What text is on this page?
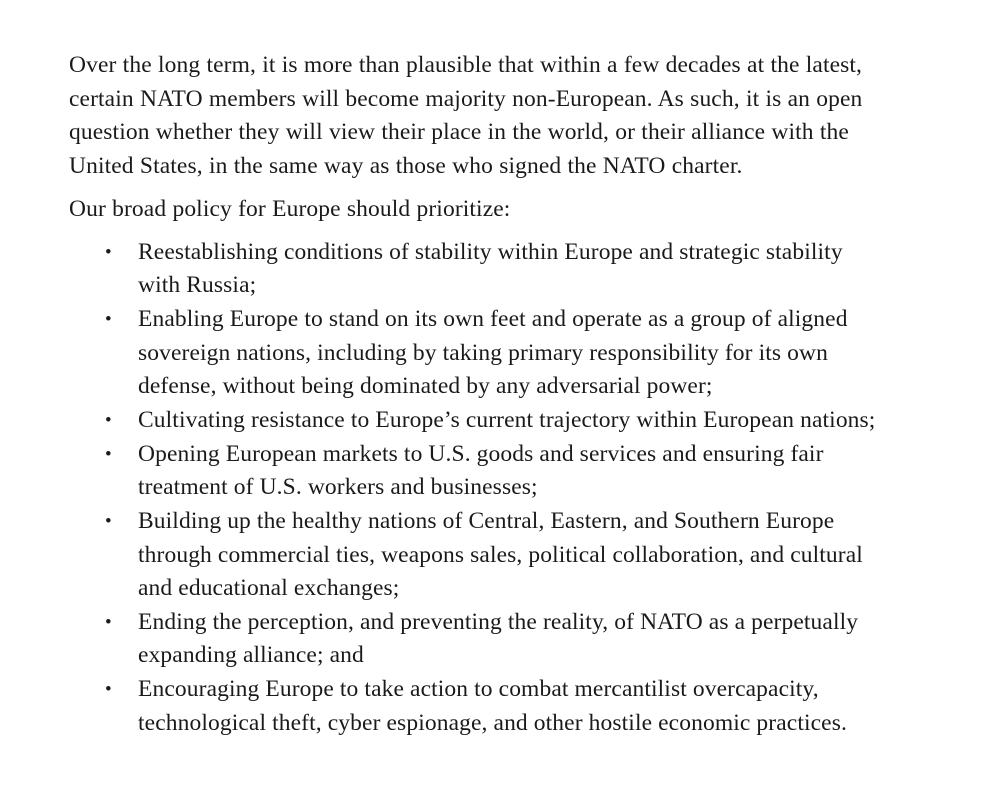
Over the long term, it is more than plausible that within a few decades at the latest, certain NATO members will become majority non-European. As such, it is an open question whether they will view their place in the world, or their alliance with the United States, in the same way as those who signed the NATO charter.

Our broad policy for Europe should prioritize:

• Reestablishing conditions of stability within Europe and strategic stability with Russia;
• Enabling Europe to stand on its own feet and operate as a group of aligned sovereign nations, including by taking primary responsibility for its own defense, without being dominated by any adversarial power;
• Cultivating resistance to Europe’s current trajectory within European nations;
• Opening European markets to U.S. goods and services and ensuring fair treatment of U.S. workers and businesses;
• Building up the healthy nations of Central, Eastern, and Southern Europe through commercial ties, weapons sales, political collaboration, and cultural and educational exchanges;
• Ending the perception, and preventing the reality, of NATO as a perpetually expanding alliance; and
• Encouraging Europe to take action to combat mercantilist overcapacity, technological theft, cyber espionage, and other hostile economic practices.
